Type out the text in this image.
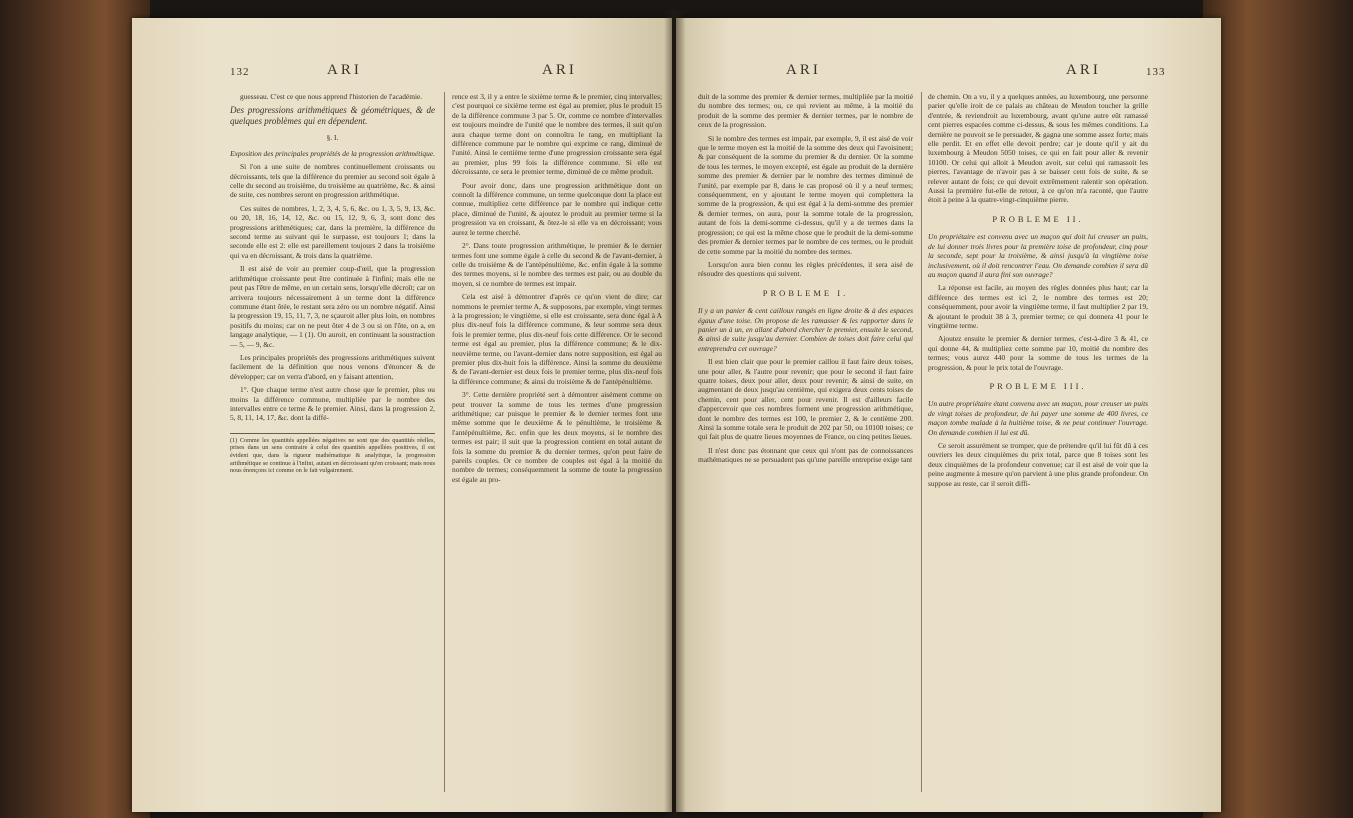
132	ARI	ARI

guesseau. C'est ce que nous apprend l'historien de l'académie.

Des progressions arithmétiques & géométriques, & de quelques problèmes qui en dépendent.

§. I.

Exposition des principales propriétés de la progression arithmétique.

Si l'on a une suite de nombres continuellement croissants ou décroissants, tels que la différence du premier au second soit égale à celle du second au troisième, du troisième au quatrième, &c. & ainsi de suite, ces nombres seront en progression arithmétique.

Ces suites de nombres, 1, 2, 3, 4, 5, 6, &c. ou 1, 3, 5, 9, 13, &c. ou 20, 18, 16, 14, 12, &c. ou 15, 12, 9, 6, 3, sont donc des progressions arithmétiques; car, dans la première, la différence du second terme au suivant qui le surpasse, est toujours 1; dans la seconde elle est 2: elle est pareillement toujours 2 dans la troisième qui va en décroissant, & trois dans la quatrième.

Il est aisé de voir au premier coup-d'œil, que la progression arithmétique croissante peut être continuée à l'infini; mais elle ne peut pas l'être de même, en un certain sens, lorsqu'elle décroît; car on arrivera toujours nécessairement à un terme dont la différence commune étant ôtée, le restant sera zéro ou un nombre négatif. Ainsi la progression 19, 15, 11, 7, 3, ne sçauroit aller plus loin, en nombres positifs du moins; car on ne peut ôter 4 de 3 ou si on l'ôte, on a, en langage analytique, — 1 (1). On auroit, en continuant la soustraction — 5, — 9, &c.

Les principales propriétés des progressions arithmétiques suivent facilement de la définition que nous venons d'énoncer & de développer; car on verra d'abord, en y faisant attention,

1°. Que chaque terme n'est autre chose que le premier, plus ou moins la différence commune, multipliée par le nombre des intervalles entre ce terme & le premier. Ainsi, dans la progression 2, 5, 8, 11, 14, 17, &c. dont la diffé-

(1) Comme les quantités appellées négatives ne sont que des quantités réelles, prises dans un sens contraire à celui des quantités appellées positives, il est évident que, dans la rigueur mathématique & analytique, la progression arithmétique se continue à l'infini, autant en décroissant qu'en croissant; mais nous nous énonçons ici comme on le fait vulgairement.

rence est 3, il y a entre le sixième terme & le premier, cinq intervalles; c'est pourquoi ce sixième terme est égal au premier, plus le produit 15 de la différence commune 3 par 5. Or, comme ce nombre d'intervalles est toujours moindre de l'unité que le nombre des termes, il suit qu'on aura chaque terme dont on connoîtra le rang, en multipliant la différence commune par le nombre qui exprime ce rang, diminué de l'unité. Ainsi le centième terme d'une progression croissante sera égal au premier, plus 99 fois la différence commune. Si elle est décroissante, ce sera le premier terme, diminué de ce même produit.

Pour avoir donc, dans une progression arithmétique dont on connoît la différence commune, un terme quelconque dont la place est connue, multipliez cette différence par le nombre qui indique cette place, diminué de l'unité, & ajoutez le produit au premier terme si la progression va en croissant, & ôtez-le si elle va en décroissant; vous aurez le terme cherché.

2°. Dans toute progression arithmétique, le premier & le dernier termes font une somme égale à celle du second & de l'avant-dernier, à celle du troisième & de l'antépénultième, &c. enfin égale à la somme des termes moyens, si le nombre des termes est pair, ou au double du moyen, si ce nombre de termes est impair.

Cela est aisé à démontrer d'après ce qu'on vient de dire; car nommons le premier terme A, & supposons, par exemple, vingt termes à la progression; le vingtième, si elle est croissante, sera donc égal à A plus dix-neuf fois la différence commune, & leur somme sera deux fois le premier terme, plus dix-neuf fois cette différence. Or le second terme est égal au premier, plus la différence commune; & le dix-neuvième terme, ou l'avant-dernier dans notre supposition, est égal au premier plus dix-huit fois la différence. Ainsi la somme du deuxième & de l'avant-dernier est deux fois le premier terme, plus dix-neuf fois la différence commune; & ainsi du troisième & de l'antépénultième.

3°. Cette dernière propriété sert à démontrer aisément comme on peut trouver la somme de tous les termes d'une progression arithmétique; car puisque le premier & le dernier termes font une même somme que le deuxième & le pénultième, le troisième & l'antépénultième, &c. enfin que les deux moyens, si le nombre des termes est pair; il suit que la progression contient en total autant de fois la somme du premier & du dernier termes, qu'on peut faire de pareils couples. Or ce nombre de couples est égal à la moitié du nombre de termes; conséquemment la somme de toute la progression est égale au pro-

ARI	ARI	133

duit de la somme des premier & dernier termes, multipliée par la moitié du nombre des termes; ou, ce qui revient au même, à la moitié du produit de la somme des premier & dernier termes, par le nombre de ceux de la progression.

Si le nombre des termes est impair, par exemple, 9, il est aisé de voir que le terme moyen est la moitié de la somme des deux qui l'avoisinent; & par conséquent de la somme du premier & du dernier. Or la somme de tous les termes, le moyen excepté, est égale au produit de la dernière somme des premier & dernier par le nombre des termes diminué de l'unité, par exemple par 8, dans le cas proposé où il y a neuf termes; conséquemment, en y ajoutant le terme moyen qui complettera la somme de la progression, & qui est égal à la demi-somme des premier & dernier termes, on aura, pour la somme totale de la progression, autant de fois la demi-somme ci-dessus, qu'il y a de termes dans la progression; ce qui est la même chose que le produit de la demi-somme des premier & dernier termes par le nombre de ces termes, ou le produit de cette somme par la moitié du nombre des termes.

Lorsqu'on aura bien connu les règles précédentes, il sera aisé de résoudre des questions qui suivent.

PROBLEME I.

Il y a un panier & cent cailloux rangés en ligne droite & à des espaces égaux d'une toise. On propose de les ramasser & les rapporter dans le panier un à un, en allant d'abord chercher le premier, ensuite le second, & ainsi de suite jusqu'au dernier. Combien de toises doit faire celui qui entreprendra cet ouvrage?

Il est bien clair que pour le premier caillou il faut faire deux toises, une pour aller, & l'autre pour revenir; que pour le second il faut faire quatre toises, deux pour aller, deux pour revenir; & ainsi de suite, en augmentant de deux jusqu'au centième, qui exigera deux cents toises de chemin, cent pour aller, cent pour revenir. Il est d'ailleurs facile d'appercevoir que ces nombres forment une progression arithmétique, dont le nombre des termes est 100, le premier 2, & le centième 200. Ainsi la somme totale sera le produit de 202 par 50, ou 10100 toises; ce qui fait plus de quatre lieues moyennes de France, ou cinq petites lieues.

Il n'est donc pas étonnant que ceux qui n'ont pas de connoissances mathématiques ne se persuadent pas qu'une pareille entreprise exige tant

de chemin. On a vu, il y a quelques années, au luxembourg, une personne parier qu'elle iroit de ce palais au château de Meudon toucher la grille d'entrée, & reviendroit au luxembourg, avant qu'une autre eût ramassé cent pierres espacées comme ci-dessus, & sous les mêmes conditions. La dernière ne pouvoit se le persuader, & gagna une somme assez forte; mais elle perdit. Et en effet elle devoit perdre; car je doute qu'il y ait du luxembourg à Meudon 5050 toises, ce qui en fait pour aller & revenir 10100. Or celui qui alloit à Meudon avoit, sur celui qui ramassoit les pierres, l'avantage de n'avoir pas à se baisser cent fois de suite, & se relever autant de fois; ce qui devoit extrêmement ralentir son opération. Aussi la première fut-elle de retour, à ce qu'on m'a raconté, que l'autre étoit à peine à la quatre-vingt-cinquième pierre.

PROBLEME II.

Un propriétaire est convenu avec un maçon qui doit lui creuser un puits, de lui donner trois livres pour la première toise de profondeur, cinq pour la seconde, sept pour la troisième, & ainsi jusqu'à la vingtième toise inclusivement, où il doit rencontrer l'eau. On demande combien il sera dû au maçon quand il aura fini son ouvrage?

La réponse est facile, au moyen des règles données plus haut; car la différence des termes est ici 2, le nombre des termes est 20; conséquemment, pour avoir la vingtième terme, il faut multiplier 2 par 19, & ajoutant le produit 38 à 3, premier terme; ce qui donnera 41 pour le vingtième terme.

Ajoutez ensuite le premier & dernier termes, c'est-à-dire 3 & 41, ce qui donne 44, & multipliez cette somme par 10, moitié du nombre des termes; vous aurez 440 pour la somme de tous les termes de la progression, & pour le prix total de l'ouvrage.

PROBLEME III.

Un autre propriétaire étant convenu avec un maçon, pour creuser un puits de vingt toises de profondeur, de lui payer une somme de 400 livres, ce maçon tombe malade à la huitième toise, & ne peut continuer l'ouvrage. On demande combien il lui est dû.

Ce seroit assurément se tromper, que de prétendre qu'il lui fût dû à ces ouvriers les deux cinquièmes du prix total, parce que 8 toises sont les deux cinquièmes de la profondeur convenue; car il est aisé de voir que la peine augmente à mesure qu'on parvient à une plus grande profondeur. On suppose au reste, car il seroit diffi-
